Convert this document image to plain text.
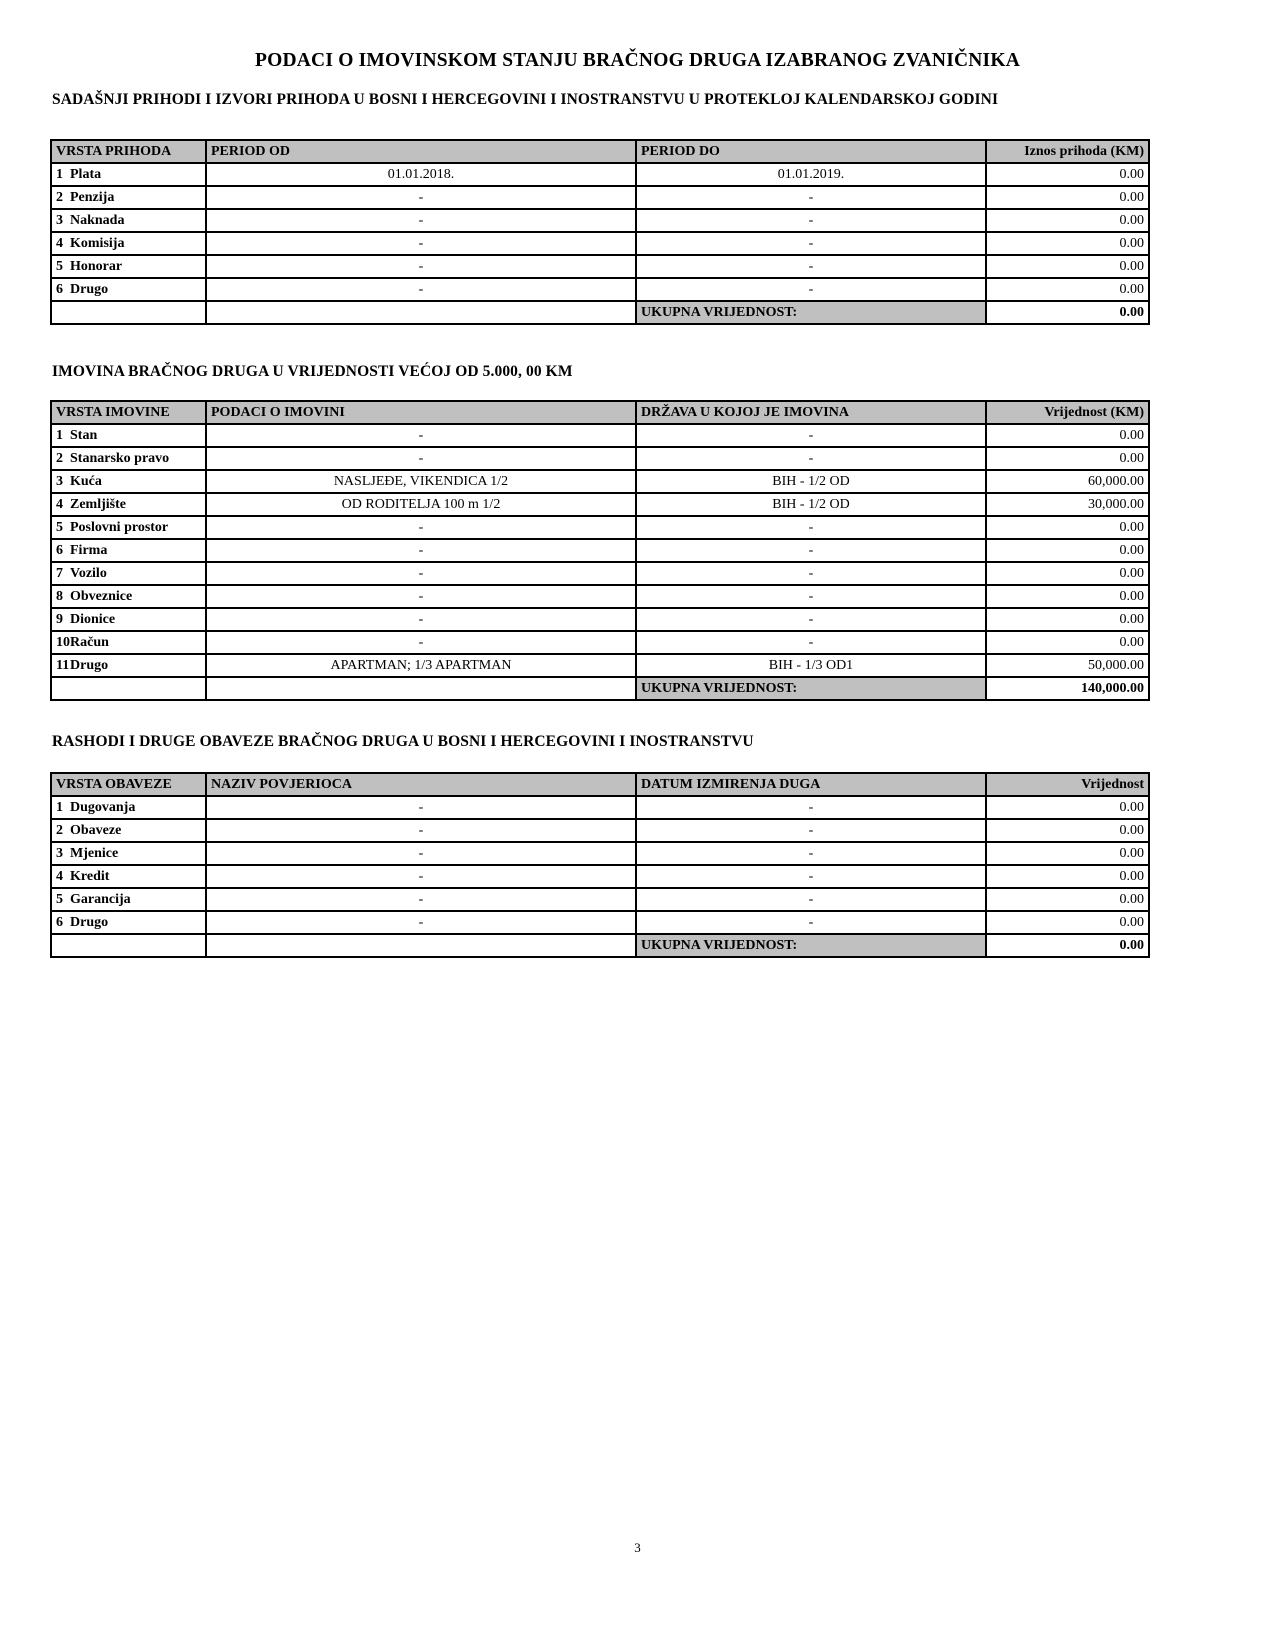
PODACI O IMOVINSKOM STANJU BRAČNOG DRUGA IZABRANOG ZVANIČNIKA
SADAŠNJI PRIHODI I IZVORI PRIHODA U BOSNI I HERCEGOVINI I INOSTRANSTVU U PROTEKLOJ KALENDARSKOJ GODINI
VRSTA PRIHODA	PERIOD OD	PERIOD DO	Iznos prihoda (KM)
1 Plata	01.01.2018.	01.01.2019.	0.00
2 Penzija	-	-	0.00
3 Naknada	-	-	0.00
4 Komisija	-	-	0.00
5 Honorar	-	-	0.00
6 Drugo	-	-	0.00
		UKUPNA VRIJEDNOST:	0.00
IMOVINA BRAČNOG DRUGA U VRIJEDNOSTI VEĆOJ OD 5.000, 00 KM
VRSTA IMOVINE	PODACI O IMOVINI	DRŽAVA U KOJOJ JE IMOVINA	Vrijednost (KM)
1 Stan	-	-	0.00
2 Stanarsko pravo	-	-	0.00
3 Kuća	NASLJEĐE, VIKENDICA 1/2	BIH - 1/2 OD	60,000.00
4 Zemljište	OD RODITELJA 100 m 1/2	BIH - 1/2 OD	30,000.00
5 Poslovni prostor	-	-	0.00
6 Firma	-	-	0.00
7 Vozilo	-	-	0.00
8 Obveznice	-	-	0.00
9 Dionice	-	-	0.00
10Račun	-	-	0.00
11Drugo	APARTMAN; 1/3 APARTMAN	BIH - 1/3 OD1	50,000.00
		UKUPNA VRIJEDNOST:	140,000.00
RASHODI I DRUGE OBAVEZE BRAČNOG DRUGA U BOSNI I HERCEGOVINI I INOSTRANSTVU
VRSTA OBAVEZE	NAZIV POVJERIOCA	DATUM IZMIRENJA DUGA	Vrijednost
1 Dugovanja	-	-	0.00
2 Obaveze	-	-	0.00
3 Mjenice	-	-	0.00
4 Kredit	-	-	0.00
5 Garancija	-	-	0.00
6 Drugo	-	-	0.00
		UKUPNA VRIJEDNOST:	0.00
3
